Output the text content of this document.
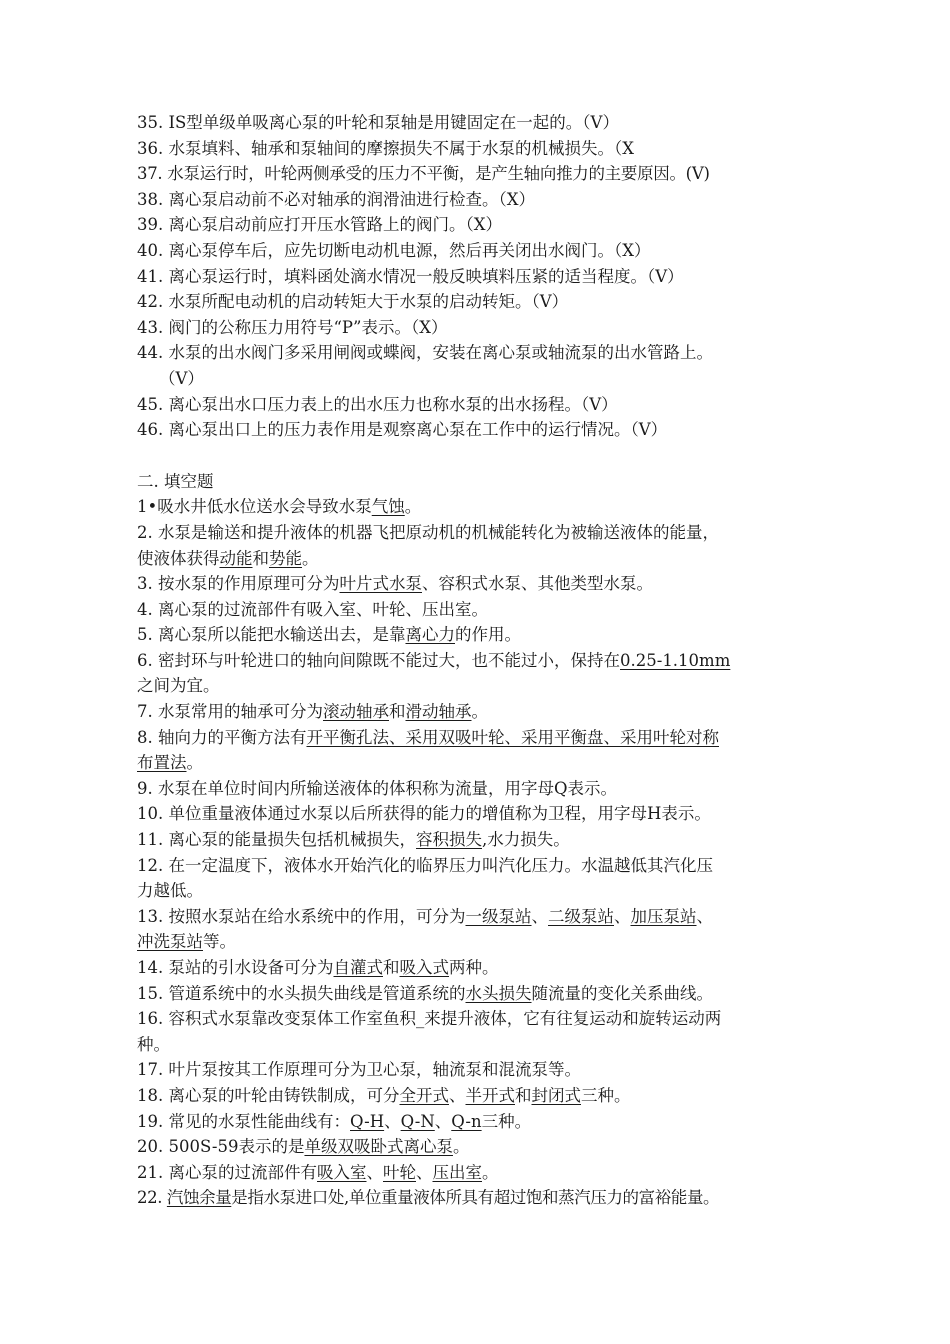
35. IS型单级单吸离心泵的叶轮和泵轴是用键固定在一起的。（V）
36. 水泵填料、轴承和泵轴间的摩擦损失不属于水泵的机械损失。（X
37. 水泵运行时，叶轮两侧承受的压力不平衡，是产生轴向推力的主要原因。(V)
38. 离心泵启动前不必对轴承的润滑油进行检查。（X）
39. 离心泵启动前应打开压水管路上的阀门。（X）
40. 离心泵停车后，应先切断电动机电源，然后再关闭出水阀门。（X）
41. 离心泵运行时，填料函处滴水情况一般反映填料压紧的适当程度。（V）
42. 水泵所配电动机的启动转矩大于水泵的启动转矩。（V）
43. 阀门的公称压力用符号“P”表示。（X）
44. 水泵的出水阀门多采用闸阀或蝶阀，安装在离心泵或轴流泵的出水管路上。
（V）
45. 离心泵出水口压力表上的出水压力也称水泵的出水扬程。（V）
46. 离心泵出口上的压力表作用是观察离心泵在工作中的运行情况。（V）
二. 填空题
1•吸水井低水位送水会导致水泵气蚀。
2. 水泵是输送和提升液体的机器飞把原动机的机械能转化为被输送液体的能量，
使液体获得动能和势能。
3. 按水泵的作用原理可分为叶片式水泵、容积式水泵、其他类型水泵。
4. 离心泵的过流部件有吸入室、叶轮、压出室。
5. 离心泵所以能把水输送出去，是靠离心力的作用。
6. 密封环与叶轮进口的轴向间隙既不能过大，也不能过小，保持在0.25-1.10mm
之间为宜。
7. 水泵常用的轴承可分为滚动轴承和滑动轴承。
8. 轴向力的平衡方法有开平衡孔法、采用双吸叶轮、采用平衡盘、采用叶轮对称
布置法。
9. 水泵在单位时间内所输送液体的体积称为流量，用字母Q表示。
10. 单位重量液体通过水泵以后所获得的能力的增值称为卫程，用字母H表示。
11. 离心泵的能量损失包括机械损失，容积损失,水力损失。
12. 在一定温度下，液体水开始汽化的临界压力叫汽化压力。水温越低其汽化压
力越低。
13. 按照水泵站在给水系统中的作用，可分为一级泵站、二级泵站、加压泵站、
冲洗泵站等。
14. 泵站的引水设备可分为自灌式和吸入式两种。
15. 管道系统中的水头损失曲线是管道系统的水头损失随流量的变化关系曲线。
16. 容积式水泵靠改变泵体工作室鱼积_来提升液体，它有往复运动和旋转运动两
种。
17. 叶片泵按其工作原理可分为卫心泵，轴流泵和混流泵等。
18. 离心泵的叶轮由铸铁制成，可分全开式、半开式和封闭式三种。
19. 常见的水泵性能曲线有：Q-H、Q-N、Q-n三种。
20. 500S-59表示的是单级双吸卧式离心泵。
21. 离心泵的过流部件有吸入室、叶轮、压出室。
22. 汽蚀余量是指水泵进口处,单位重量液体所具有超过饱和蒸汽压力的富裕能量。
